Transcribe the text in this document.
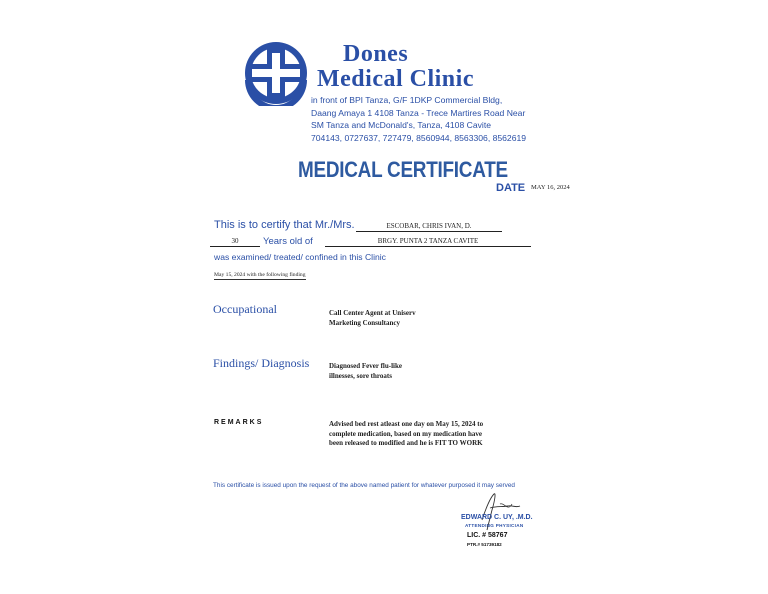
Dones
Medical Clinic
in front of BPI Tanza, G/F 1DKP Commercial Bldg,
Daang Amaya 1 4108 Tanza - Trece Martires Road Near
SM Tanza and McDonald's, Tanza, 4108 Cavite
704143, 0727637, 727479, 8560944, 8563306, 8562619
MEDICAL CERTIFICATE
DATE MAY 16, 2024
This is to certify that Mr./Mrs.	ESCOBAR, CHRIS IVAN, D.
30	Years old of	BRGY. PUNTA 2 TANZA CAVITE
was examined/ treated/ confined in this Clinic
May 15, 2024 with the following finding
Occupational	Call Center Agent at Uniserv
Marketing Consultancy
Findings/ Diagnosis	Diagnosed Fever flu-like
illnesses, sore throats
REMARKS	Advised bed rest atleast one day on May 15, 2024 to
complete medication, based on my medication have
been released to modified and he is FIT TO WORK
This certificate is issued upon the request of the above named patient for whatever purposed it may served
EDWARD C. UY, .M.D.
ATTENDING PHYSICIAN
LIC. # 58767
PTR.# 51739182
